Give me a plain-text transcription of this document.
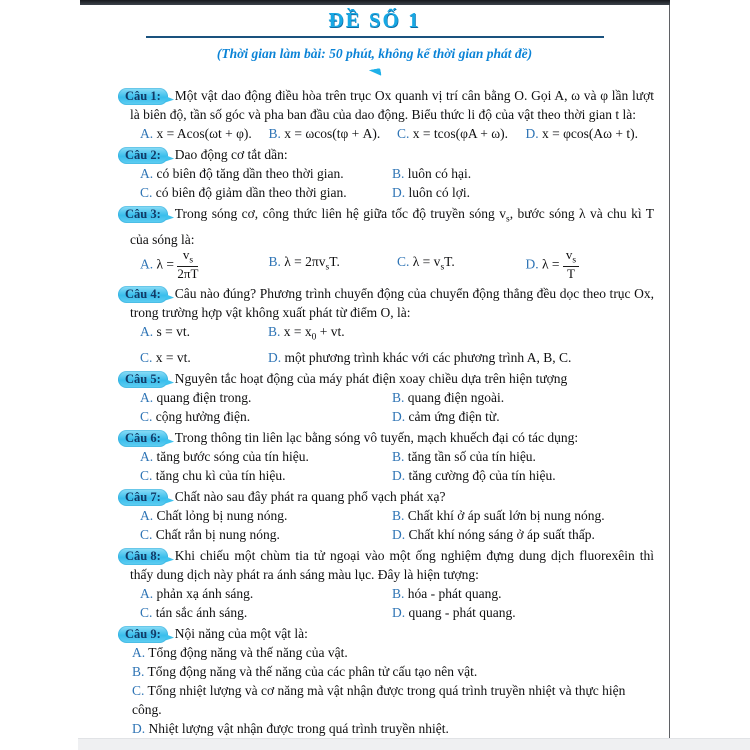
ĐỀ SỐ 1
(Thời gian làm bài: 50 phút, không kể thời gian phát đề)
Câu 1: Một vật dao động điều hòa trên trục Ox quanh vị trí cân bằng O. Gọi A, ω và φ lần lượt là biên độ, tần số góc và pha ban đầu của dao động. Biểu thức li độ của vật theo thời gian t là:
A. x = Acos(ωt + φ).	B. x = ωcos(tφ + A).	C. x = tcos(φA + ω).	D. x = φcos(Aω + t).
Câu 2: Dao động cơ tắt dần:
A. có biên độ tăng dần theo thời gian.	B. luôn có hại.
C. có biên độ giảm dần theo thời gian.	D. luôn có lợi.
Câu 3: Trong sóng cơ, công thức liên hệ giữa tốc độ truyền sóng $v_s$, bước sóng λ và chu kì T của sóng là:
A. $\lambda = \frac{v_s}{2\pi T}$	B. $\lambda = 2\pi v_sT$.	C. $\lambda = v_sT$.	D. $\lambda = \frac{v_s}{T}$
Câu 4: Câu nào đúng? Phương trình chuyển động của chuyển động thẳng đều dọc theo trục Ox, trong trường hợp vật không xuất phát từ điểm O, là:
A. s = vt.	B. $x = x_0$ + vt.
C. x = vt.	D. một phương trình khác với các phương trình A, B, C.
Câu 5: Nguyên tắc hoạt động của máy phát điện xoay chiều dựa trên hiện tượng
A. quang điện trong.	B. quang điện ngoài.
C. cộng hưởng điện.	D. cảm ứng điện từ.
Câu 6: Trong thông tin liên lạc bằng sóng vô tuyến, mạch khuếch đại có tác dụng:
A. tăng bước sóng của tín hiệu.	B. tăng tần số của tín hiệu.
C. tăng chu kì của tín hiệu.	D. tăng cường độ của tín hiệu.
Câu 7: Chất nào sau đây phát ra quang phổ vạch phát xạ?
A. Chất lỏng bị nung nóng.	B. Chất khí ở áp suất lớn bị nung nóng.
C. Chất rắn bị nung nóng.	D. Chất khí nóng sáng ở áp suất thấp.
Câu 8: Khi chiếu một chùm tia tử ngoại vào một ống nghiệm đựng dung dịch fluorexêin thì thấy dung dịch này phát ra ánh sáng màu lục. Đây là hiện tượng:
A. phản xạ ánh sáng.	B. hóa - phát quang.
C. tán sắc ánh sáng.	D. quang - phát quang.
Câu 9: Nội năng của một vật là:
A. Tổng động năng và thế năng của vật.
B. Tổng động năng và thế năng của các phân tử cấu tạo nên vật.
C. Tổng nhiệt lượng và cơ năng mà vật nhận được trong quá trình truyền nhiệt và thực hiện công.
D. Nhiệt lượng vật nhận được trong quá trình truyền nhiệt.
